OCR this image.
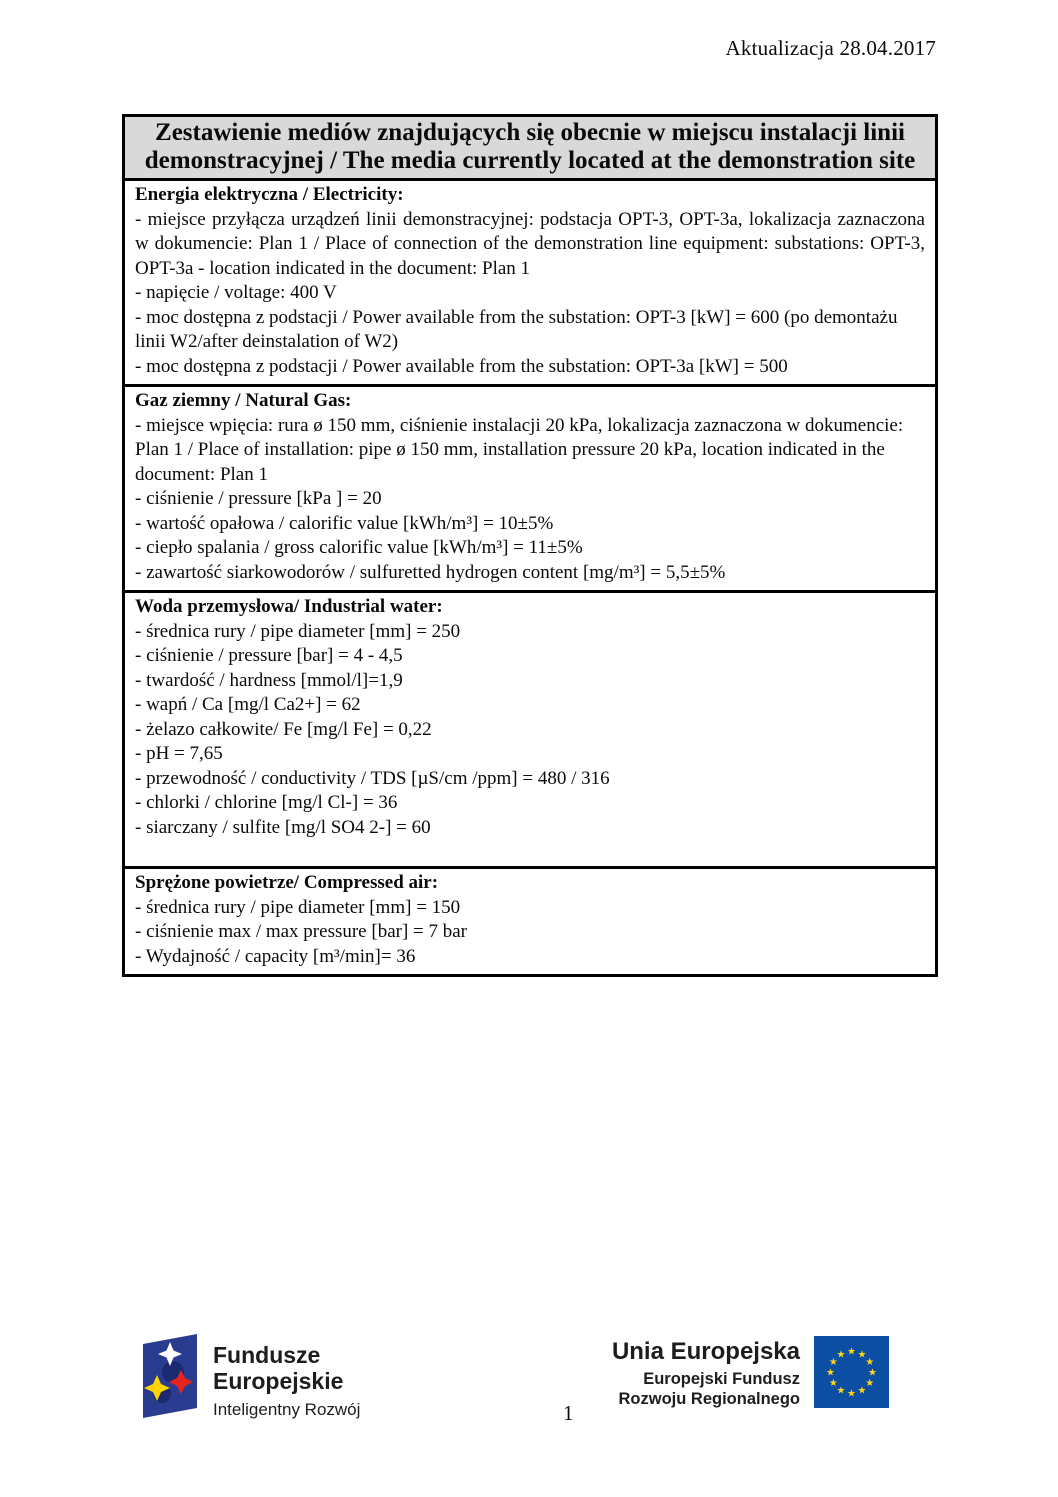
Aktualizacja 28.04.2017
Zestawienie mediów znajdujących się obecnie w miejscu instalacji linii demonstracyjnej / The media currently located at the demonstration site
Energia elektryczna / Electricity:
- miejsce przyłącza urządzeń linii demonstracyjnej: podstacja OPT-3, OPT-3a, lokalizacja zaznaczona w dokumencie: Plan 1 / Place of connection of the demonstration line equipment: substations: OPT-3, OPT-3a - location indicated in the document: Plan 1
- napięcie / voltage: 400 V
- moc dostępna z podstacji / Power available from the substation: OPT-3 [kW] = 600 (po demontażu linii W2/after deinstalation of W2)
- moc dostępna z podstacji / Power available from the substation: OPT-3a [kW] = 500
Gaz ziemny / Natural Gas:
- miejsce wpięcia: rura ø 150 mm, ciśnienie instalacji 20 kPa, lokalizacja zaznaczona w dokumencie: Plan 1 / Place of installation: pipe ø 150 mm, installation pressure 20 kPa, location indicated in the document: Plan 1
- ciśnienie / pressure [kPa ] = 20
- wartość opałowa / calorific value [kWh/m³] = 10±5%
- ciepło spalania / gross calorific value [kWh/m³] = 11±5%
- zawartość siarkowodorów / sulfuretted hydrogen content [mg/m³] = 5,5±5%
Woda przemysłowa/ Industrial water:
- średnica rury / pipe diameter [mm] = 250
- ciśnienie / pressure [bar] = 4 - 4,5
- twardość / hardness [mmol/l]=1,9
- wapń / Ca [mg/l Ca2+] = 62
- żelazo całkowite/ Fe [mg/l Fe] = 0,22
- pH = 7,65
- przewodność / conductivity / TDS [µS/cm /ppm] = 480 / 316
- chlorki / chlorine [mg/l Cl-] = 36
- siarczany / sulfite [mg/l SO4 2-] = 60
Sprężone powietrze/ Compressed air:
- średnica rury / pipe diameter [mm] = 150
- ciśnienie max / max pressure [bar] = 7 bar
- Wydajność / capacity [m³/min]= 36
Fundusze
Europejskie
Inteligentny Rozwój
Unia Europejska
Europejski Fundusz
Rozwoju Regionalnego
★ ★
★
★
★
★
★
★
★
★
★
★
1
